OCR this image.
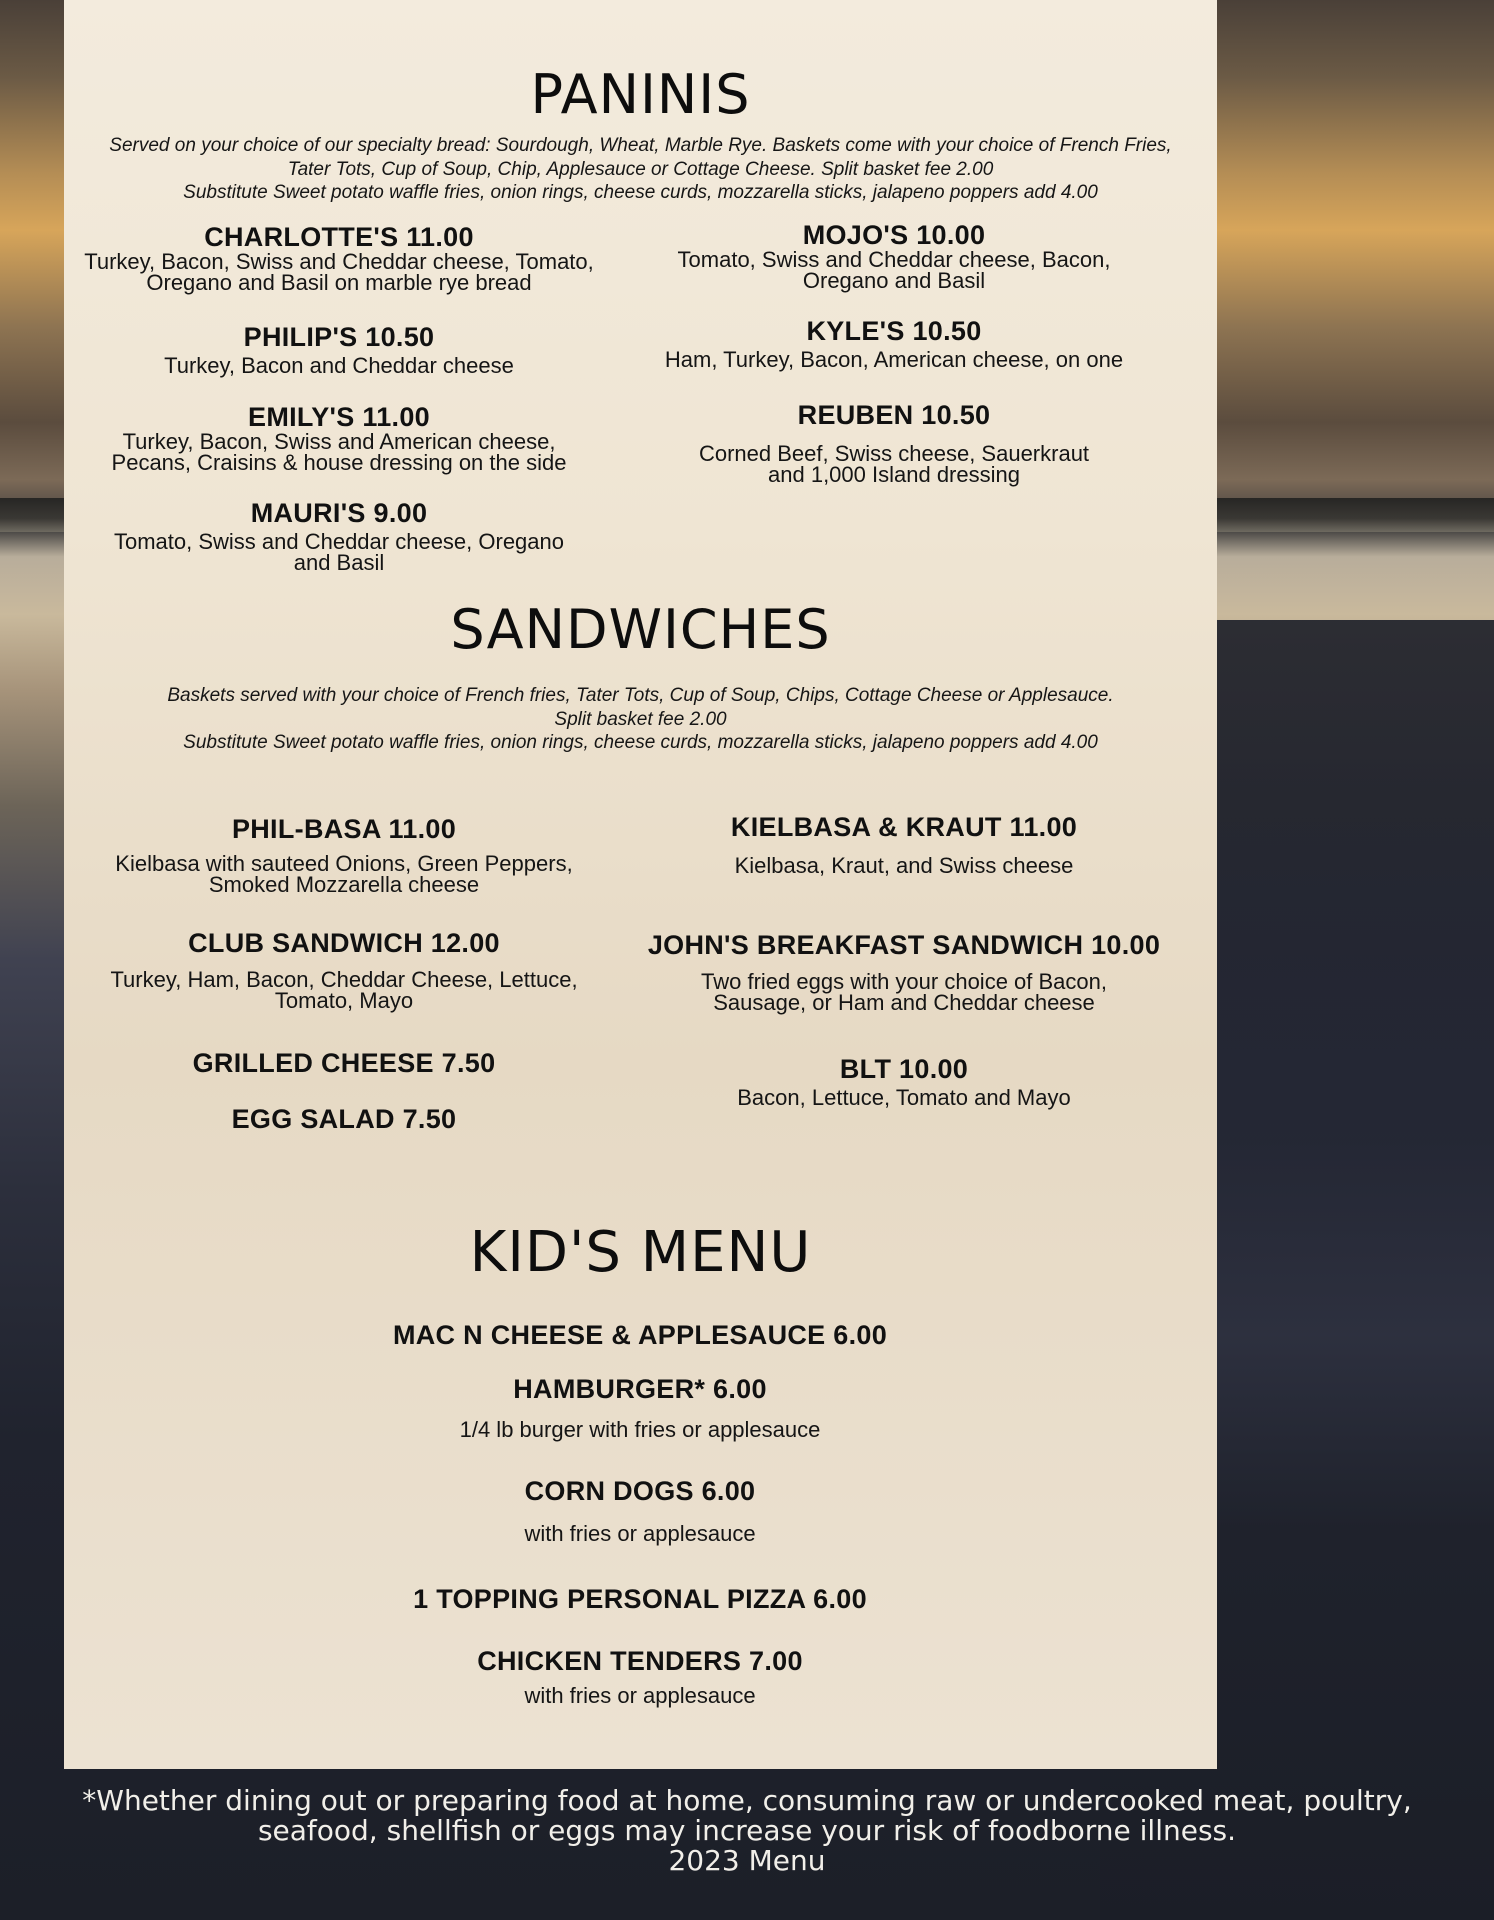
PANINIS
Served on your choice of our specialty bread: Sourdough, Wheat, Marble Rye. Baskets come with your choice of French Fries,
Tater Tots, Cup of Soup, Chip, Applesauce or Cottage Cheese. Split basket fee 2.00
Substitute Sweet potato waffle fries, onion rings, cheese curds, mozzarella sticks, jalapeno poppers add 4.00
CHARLOTTE'S 11.00
Turkey, Bacon, Swiss and Cheddar cheese, Tomato, Oregano and Basil on marble rye bread
PHILIP'S 10.50
Turkey, Bacon and Cheddar cheese
EMILY'S 11.00
Turkey, Bacon, Swiss and American cheese, Pecans, Craisins & house dressing on the side
MAURI'S 9.00
Tomato, Swiss and Cheddar cheese, Oregano and Basil
MOJO'S 10.00
Tomato, Swiss and Cheddar cheese, Bacon, Oregano and Basil
KYLE'S 10.50
Ham, Turkey, Bacon, American cheese, on one
REUBEN 10.50
Corned Beef, Swiss cheese, Sauerkraut and 1,000 Island dressing
SANDWICHES
Baskets served with your choice of French fries, Tater Tots, Cup of Soup, Chips, Cottage Cheese or Applesauce.
Split basket fee 2.00
Substitute Sweet potato waffle fries, onion rings, cheese curds, mozzarella sticks, jalapeno poppers add 4.00
PHIL-BASA 11.00
Kielbasa with sauteed Onions, Green Peppers, Smoked Mozzarella cheese
CLUB SANDWICH 12.00
Turkey, Ham, Bacon, Cheddar Cheese, Lettuce, Tomato, Mayo
GRILLED CHEESE 7.50
EGG SALAD 7.50
KIELBASA & KRAUT 11.00
Kielbasa, Kraut, and Swiss cheese
JOHN'S BREAKFAST SANDWICH 10.00
Two fried eggs with your choice of Bacon, Sausage, or Ham and Cheddar cheese
BLT 10.00
Bacon, Lettuce, Tomato and Mayo
KID'S MENU
MAC N CHEESE & APPLESAUCE 6.00
HAMBURGER* 6.00
1/4 lb burger with fries or applesauce
CORN DOGS 6.00
with fries or applesauce
1 TOPPING PERSONAL PIZZA 6.00
CHICKEN TENDERS 7.00
with fries or applesauce
*Whether dining out or preparing food at home, consuming raw or undercooked meat, poultry,
seafood, shellfish or eggs may increase your risk of foodborne illness.
2023 Menu
